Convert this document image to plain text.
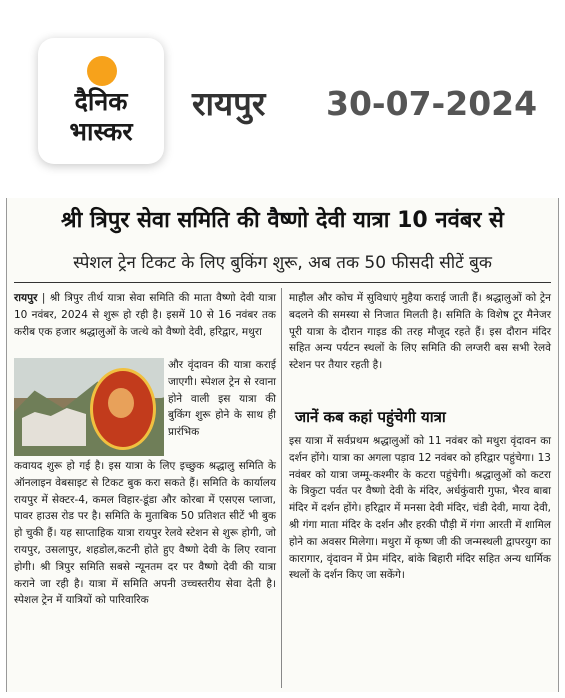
दैनिक
भास्कर
रायपुर 30-07-2024
श्री त्रिपुर सेवा समिति की वैष्णो देवी यात्रा 10 नवंबर से
स्पेशल ट्रेन टिकट के लिए बुकिंग शुरू, अब तक 50 फीसदी सीटें बुक

रायपुर | श्री त्रिपुर तीर्थ यात्रा सेवा समिति की माता वैष्णो देवी यात्रा 10 नवंबर, 2024 से शुरू हो रही है। इसमें 10 से 16 नवंबर तक करीब एक हजार श्रद्धालुओं के जत्थे को वैष्णो देवी, हरिद्वार, मथुरा

और वृंदावन की यात्रा कराई जाएगी। स्पेशल ट्रेन से रवाना होने वाली इस यात्रा की बुकिंग शुरू होने के साथ ही प्रारंभिक

कवायद शुरू हो गई है। इस यात्रा के लिए इच्छुक श्रद्धालु समिति के ऑनलाइन वेबसाइट से टिकट बुक करा सकते हैं। समिति के कार्यालय रायपुर में सेक्टर-4, कमल विहार-डूंडा और कोरबा में एसएस प्लाजा, पावर हाउस रोड पर है। समिति के मुताबिक 50 प्रतिशत सीटें भी बुक हो चुकी हैं। यह साप्ताहिक यात्रा रायपुर रेलवे स्टेशन से शुरू होगी, जो रायपुर, उसलापुर, शहडोल,कटनी होते हुए वैष्णो देवी के लिए रवाना होगी। श्री त्रिपुर समिति सबसे न्यूनतम दर पर वैष्णो देवी की यात्रा कराने जा रही है। यात्रा में समिति अपनी उच्चस्तरीय सेवा देती है। स्पेशल ट्रेन में यात्रियों को पारिवारिक

माहौल और कोच में सुविधाएं मुहैया कराई जाती हैं। श्रद्धालुओं को ट्रेन बदलने की समस्या से निजात मिलती है। समिति के विशेष टूर मैनेजर पूरी यात्रा के दौरान गाइड की तरह मौजूद रहते हैं। इस दौरान मंदिर सहित अन्य पर्यटन स्थलों के लिए समिति की लग्जरी बस सभी रेलवे स्टेशन पर तैयार रहती है।

जानें कब कहां पहुंचेगी यात्रा

इस यात्रा में सर्वप्रथम श्रद्धालुओं को 11 नवंबर को मथुरा वृंदावन का दर्शन होंगे। यात्रा का अगला पड़ाव 12 नवंबर को हरिद्वार पहुंचेगा। 13 नवंबर को यात्रा जम्मू-कश्मीर के कटरा पहुंचेगी। श्रद्धालुओं को कटरा के त्रिकुटा पर्वत पर वैष्णो देवी के मंदिर, अर्धकुंवारी गुफा, भैरव बाबा मंदिर में दर्शन होंगे। हरिद्वार में मनसा देवी मंदिर, चंडी देवी, माया देवी, श्री गंगा माता मंदिर के दर्शन और हरकी पौड़ी में गंगा आरती में शामिल होने का अवसर मिलेगा। मथुरा में कृष्ण जी की जन्मस्थली द्वापरयुग का कारागार, वृंदावन में प्रेम मंदिर, बांके बिहारी मंदिर सहित अन्य धार्मिक स्थलों के दर्शन किए जा सकेंगे।
